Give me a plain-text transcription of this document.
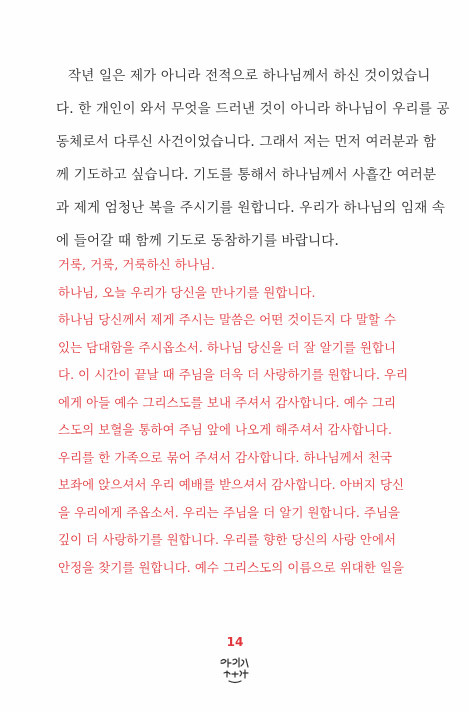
작년 일은 제가 아니라 전적으로 하나님께서 하신 것이었습니
다. 한 개인이 와서 무엇을 드러낸 것이 아니라 하나님이 우리를 공
동체로서 다루신 사건이었습니다. 그래서 저는 먼저 여러분과 함
께 기도하고 싶습니다. 기도를 통해서 하나님께서 사흘간 여러분
과 제게 엄청난 복을 주시기를 원합니다. 우리가 하나님의 임재 속
에 들어갈 때 함께 기도로 동참하기를 바랍니다.
거룩, 거룩, 거룩하신 하나님.
하나님, 오늘 우리가 당신을 만나기를 원합니다.
하나님 당신께서 제게 주시는 말씀은 어떤 것이든지 다 말할 수
있는 담대함을 주시옵소서. 하나님 당신을 더 잘 알기를 원합니
다. 이 시간이 끝날 때 주님을 더욱 더 사랑하기를 원합니다. 우리
에게 아들 예수 그리스도를 보내 주셔서 감사합니다. 예수 그리
스도의 보혈을 통하여 주님 앞에 나오게 해주셔서 감사합니다.
우리를 한 가족으로 묶어 주셔서 감사합니다. 하나님께서 천국
보좌에 앉으셔서 우리 예배를 받으셔서 감사합니다. 아버지 당신
을 우리에게 주옵소서. 우리는 주님을 더 알기 원합니다. 주님을
깊이 더 사랑하기를 원합니다. 우리를 향한 당신의 사랑 안에서
안정을 찾기를 원합니다. 예수 그리스도의 이름으로 위대한 일을
14
